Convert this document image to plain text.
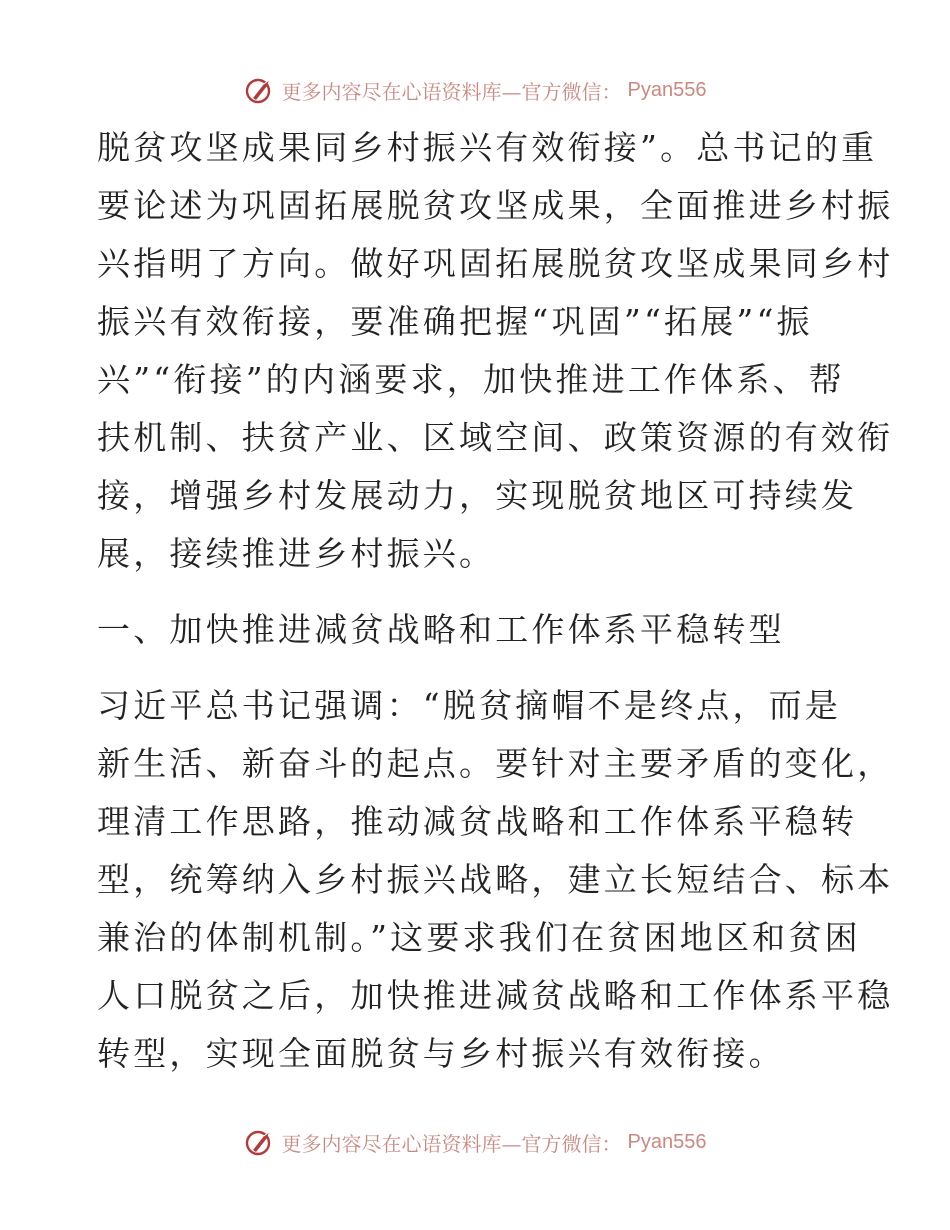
更多内容尽在心语资料库—官方微信： Pyan556
脱贫攻坚成果同乡村振兴有效衔接”。总书记的重
要论述为巩固拓展脱贫攻坚成果，全面推进乡村振
兴指明了方向。做好巩固拓展脱贫攻坚成果同乡村
振兴有效衔接，要准确把握“巩固”“拓展”“振
兴”“衔接”的内涵要求，加快推进工作体系、帮
扶机制、扶贫产业、区域空间、政策资源的有效衔
接，增强乡村发展动力，实现脱贫地区可持续发
展，接续推进乡村振兴。
一、加快推进减贫战略和工作体系平稳转型
习近平总书记强调：“脱贫摘帽不是终点，而是
新生活、新奋斗的起点。要针对主要矛盾的变化，
理清工作思路，推动减贫战略和工作体系平稳转
型，统筹纳入乡村振兴战略，建立长短结合、标本
兼治的体制机制。”这要求我们在贫困地区和贫困
人口脱贫之后，加快推进减贫战略和工作体系平稳
转型，实现全面脱贫与乡村振兴有效衔接。
更多内容尽在心语资料库—官方微信： Pyan556
